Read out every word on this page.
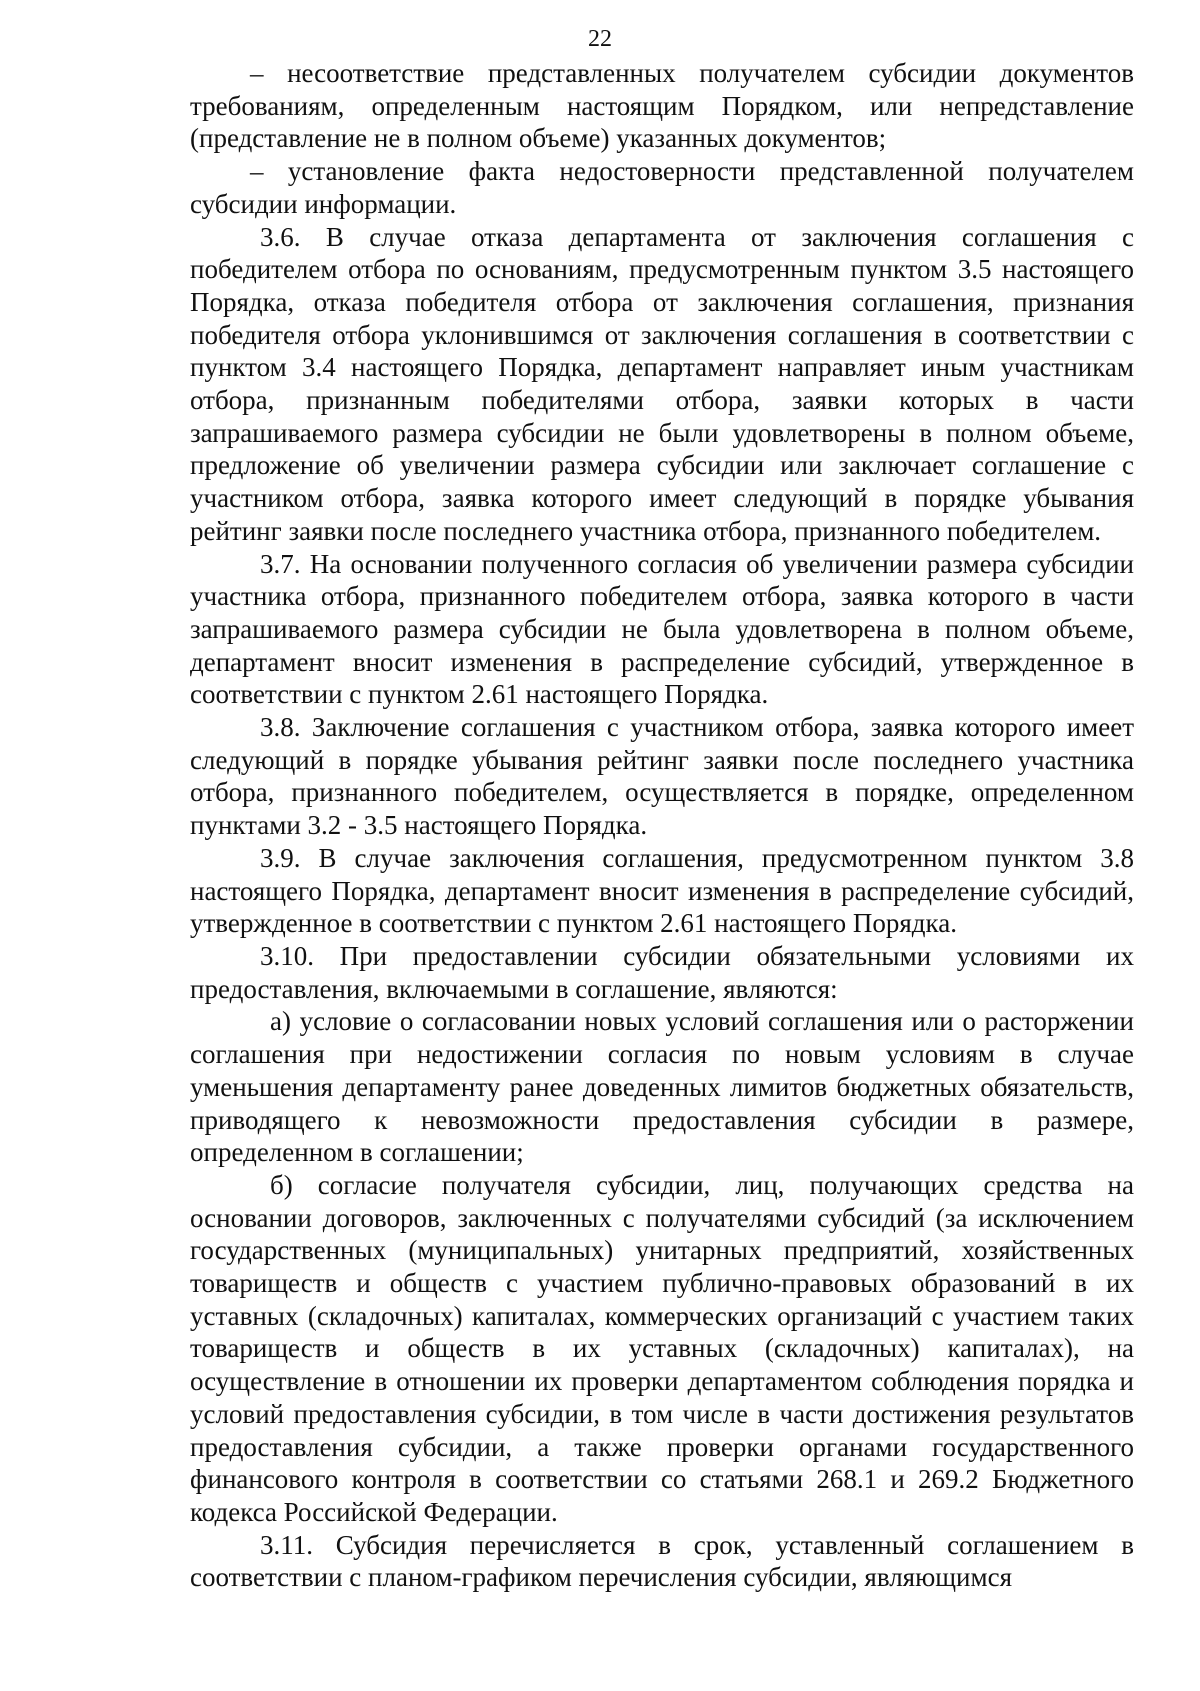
22

– несоответствие представленных получателем субсидии документов требованиям, определенным настоящим Порядком, или непредставление (представление не в полном объеме) указанных документов;

– установление факта недостоверности представленной получателем субсидии информации.

3.6. В случае отказа департамента от заключения соглашения с победителем отбора по основаниям, предусмотренным пунктом 3.5 настоящего Порядка, отказа победителя отбора от заключения соглашения, признания победителя отбора уклонившимся от заключения соглашения в соответствии с пунктом 3.4 настоящего Порядка, департамент направляет иным участникам отбора, признанным победителями отбора, заявки которых в части запрашиваемого размера субсидии не были удовлетворены в полном объеме, предложение об увеличении размера субсидии или заключает соглашение с участником отбора, заявка которого имеет следующий в порядке убывания рейтинг заявки после последнего участника отбора, признанного победителем.

3.7. На основании полученного согласия об увеличении размера субсидии участника отбора, признанного победителем отбора, заявка которого в части запрашиваемого размера субсидии не была удовлетворена в полном объеме, департамент вносит изменения в распределение субсидий, утвержденное в соответствии с пунктом 2.61 настоящего Порядка.

3.8. Заключение соглашения с участником отбора, заявка которого имеет следующий в порядке убывания рейтинг заявки после последнего участника отбора, признанного победителем, осуществляется в порядке, определенном пунктами 3.2 - 3.5 настоящего Порядка.

3.9. В случае заключения соглашения, предусмотренном пунктом 3.8 настоящего Порядка, департамент вносит изменения в распределение субсидий, утвержденное в соответствии с пунктом 2.61 настоящего Порядка.

3.10. При предоставлении субсидии обязательными условиями их предоставления, включаемыми в соглашение, являются:

а) условие о согласовании новых условий соглашения или о расторжении соглашения при недостижении согласия по новым условиям в случае уменьшения департаменту ранее доведенных лимитов бюджетных обязательств, приводящего к невозможности предоставления субсидии в размере, определенном в соглашении;

б) согласие получателя субсидии, лиц, получающих средства на основании договоров, заключенных с получателями субсидий (за исключением государственных (муниципальных) унитарных предприятий, хозяйственных товариществ и обществ с участием публично-правовых образований в их уставных (складочных) капиталах, коммерческих организаций с участием таких товариществ и обществ в их уставных (складочных) капиталах), на осуществление в отношении их проверки департаментом соблюдения порядка и условий предоставления субсидии, в том числе в части достижения результатов предоставления субсидии, а также проверки органами государственного финансового контроля в соответствии со статьями 268.1 и 269.2 Бюджетного кодекса Российской Федерации.

3.11. Субсидия перечисляется в срок, уставленный соглашением в соответствии с планом-графиком перечисления субсидии, являющимся
